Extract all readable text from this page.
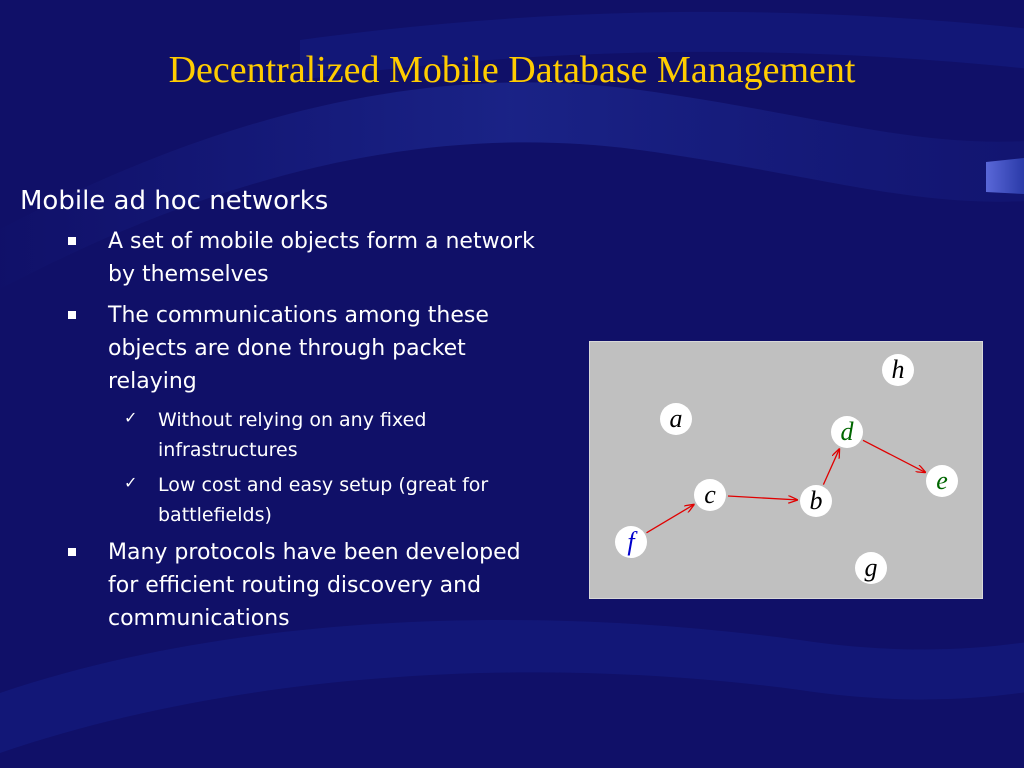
Decentralized Mobile Database Management
Mobile ad hoc networks
A set of mobile objects form a network by themselves
The communications among these objects are done through packet relaying
✓	Without relying on any fixed infrastructures
✓	Low cost and easy setup (great for battlefields)
Many protocols have been developed for efficient routing discovery and communications
a
b
c
d
e
f
g
h
